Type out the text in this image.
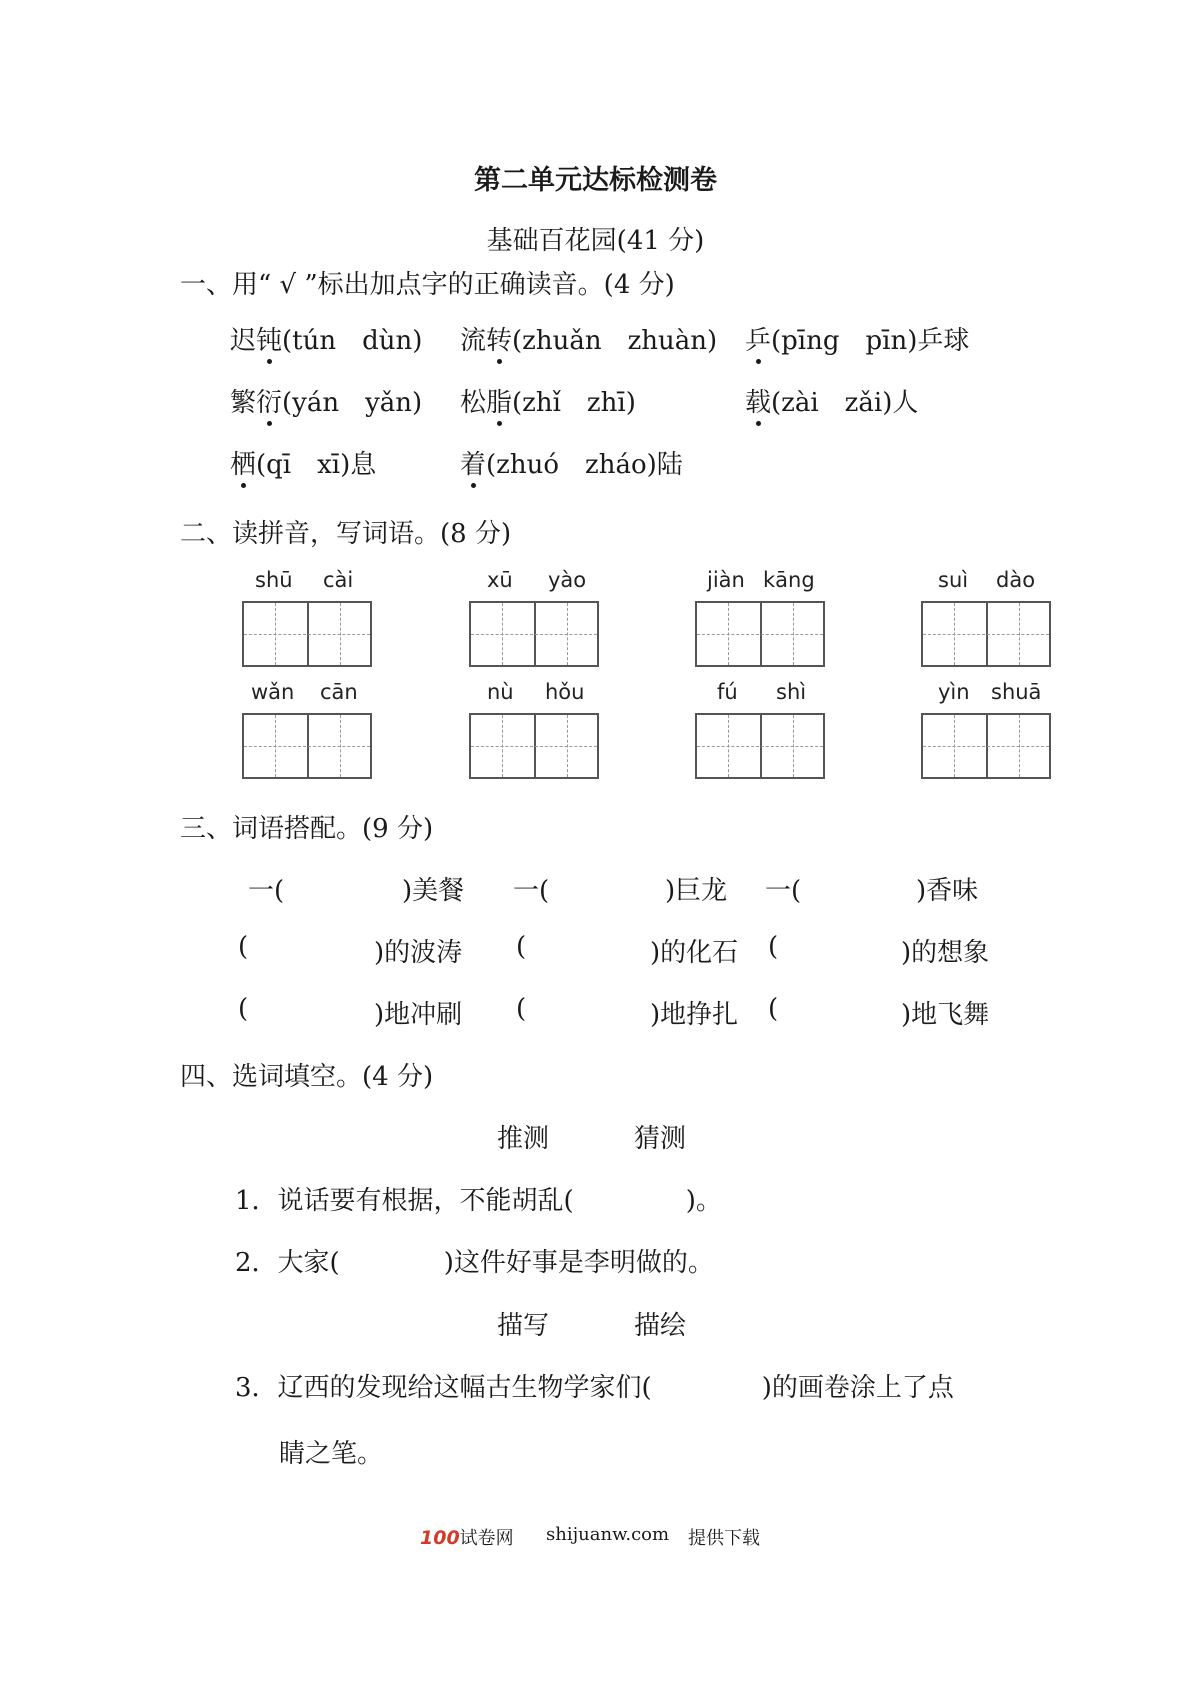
第二单元达标检测卷
基础百花园(41 分)
一、用“ √ ”标出加点字的正确读音。(4 分)
迟钝(tún　dùn) 流转(zhuǎn　zhuàn) 乒(pīng　pīn)乒球
繁衍(yán　yǎn) 松脂(zhǐ　zhī)	载(zài　zǎi)人
栖(qī　xī)息	着(zhuó　zháo)陆
二、读拼音，写词语。(8 分)
shū cài	xū yào	jiàn kāng	suì dào
wǎn cān	nù hǒu	fú shì	yìn shuā
三、词语搭配。(9 分)
一(	)美餐 一(	)巨龙 一(	)香味
(	)的波涛 (	)的化石 (	)的想象
(	)地冲刷 (	)地挣扎 (	)地飞舞
四、选词填空。(4 分)
推测	猜测
1．说话要有根据，不能胡乱(	)。
2．大家(	)这件好事是李明做的。
描写	描绘
3．辽西的发现给这幅古生物学家们(	)的画卷涂上了点
睛之笔。
100试卷网 shijuanw.com 提供下载
